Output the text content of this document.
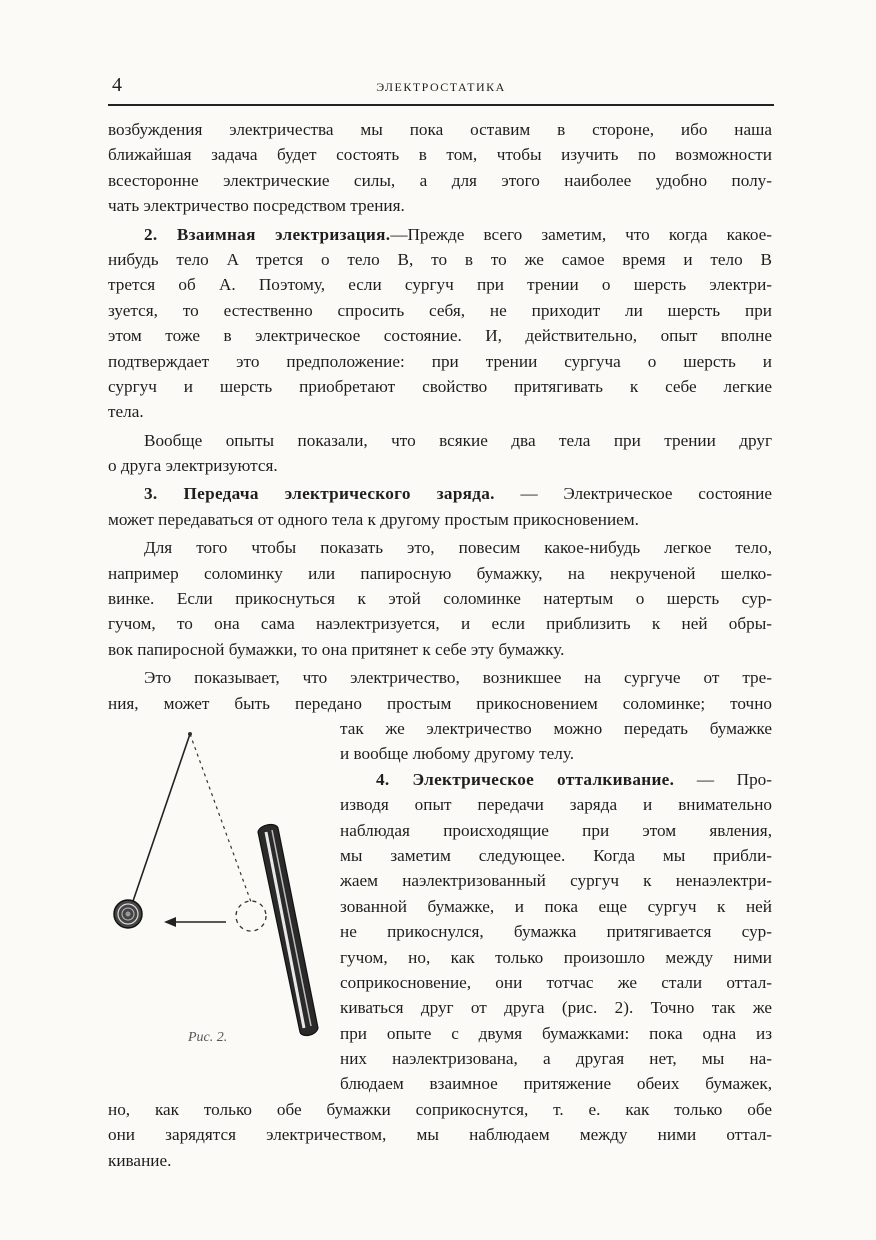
4	ЭЛЕКТРОСТАТИКА
возбуждения электричества мы пока оставим в стороне, ибо наша
ближайшая задача будет состоять в том, чтобы изучить по возможности
всесторонне электрические силы, а для этого наиболее удобно полу-
чать электричество посредством трения.
2. Взаимная электризация.—Прежде всего заметим, что когда какое-
нибудь тело A трется о тело B, то в то же самое время и тело B
трется об A. Поэтому, если сургуч при трении о шерсть электри-
зуется, то естественно спросить себя, не приходит ли шерсть при
этом тоже в электрическое состояние. И, действительно, опыт вполне
подтверждает это предположение: при трении сургуча о шерсть и
сургуч и шерсть приобретают свойство притягивать к себе легкие
тела.
Вообще опыты показали, что всякие два тела при трении друг
о друга электризуются.
3. Передача электрического заряда. — Электрическое состояние
может передаваться от одного тела к другому простым прикосновением.
Для того чтобы показать это, повесим какое-нибудь легкое тело,
например соломинку или папиросную бумажку, на некрученой шелко-
винке. Если прикоснуться к этой соломинке натертым о шерсть сур-
гучом, то она сама наэлектризуется, и если приблизить к ней обры-
вок папиросной бумажки, то она притянет к себе эту бумажку.
Это показывает, что электричество, возникшее на сургуче от тре-
ния, может быть передано простым прикосновением соломинке; точно
так же электричество можно передать бумажке
и вообще любому другому телу.
4. Электрическое отталкивание. — Про-
изводя опыт передачи заряда и внимательно
наблюдая происходящие при этом явления,
мы заметим следующее. Когда мы прибли-
жаем наэлектризованный сургуч к ненаэлектри-
зованной бумажке, и пока еще сургуч к ней
не прикоснулся, бумажка притягивается сур-
гучом, но, как только произошло между ними
соприкосновение, они тотчас же стали оттал-
киваться друг от друга (рис. 2). Точно так же
при опыте с двумя бумажками: пока одна из
них наэлектризована, а другая нет, мы на-
блюдаем взаимное притяжение обеих бумажек,
но, как только обе бумажки соприкоснутся, т. е. как только обе
они зарядятся электричеством, мы наблюдаем между ними оттал-
кивание.
Рис. 2.
